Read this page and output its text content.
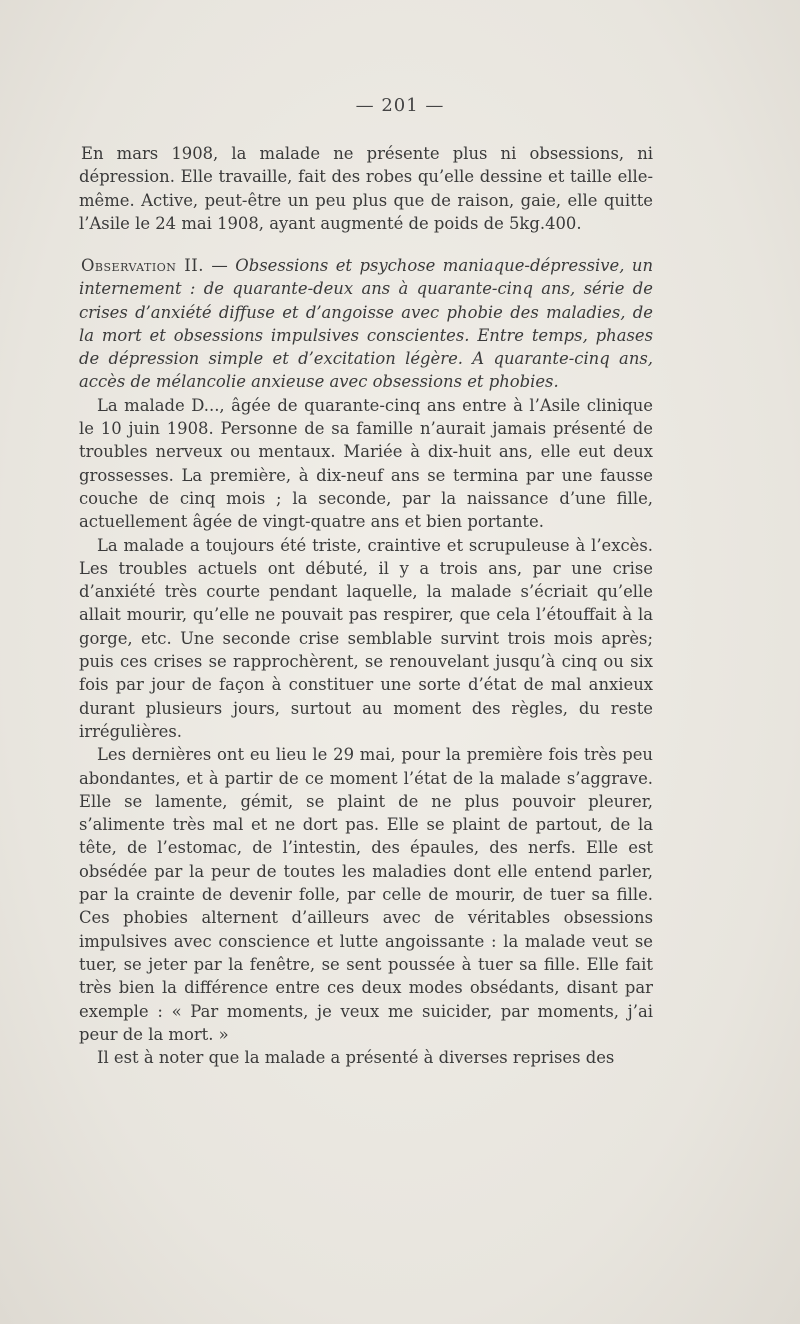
— 201 —

En mars 1908, la malade ne présente plus ni obsessions, ni dépression. Elle travaille, fait des robes qu’elle dessine et taille elle-même. Active, peut-être un peu plus que de raison, gaie, elle quitte l’Asile le 24 mai 1908, ayant augmenté de poids de 5kg.400.

Observation II. — Obsessions et psychose maniaque-dépressive, un internement : de quarante-deux ans à quarante-cinq ans, série de crises d’anxiété diffuse et d’angoisse avec phobie des maladies, de la mort et obsessions impulsives conscientes. Entre temps, phases de dépression simple et d’excitation légère. A quarante-cinq ans, accès de mélancolie anxieuse avec obsessions et phobies.

La malade D..., âgée de quarante-cinq ans entre à l’Asile clinique le 10 juin 1908. Personne de sa famille n’aurait jamais présenté de troubles nerveux ou mentaux. Mariée à dix-huit ans, elle eut deux grossesses. La première, à dix-neuf ans se termina par une fausse couche de cinq mois ; la seconde, par la naissance d’une fille, actuellement âgée de vingt-quatre ans et bien portante.

La malade a toujours été triste, craintive et scrupuleuse à l’excès. Les troubles actuels ont débuté, il y a trois ans, par une crise d’anxiété très courte pendant laquelle, la malade s’écriait qu’elle allait mourir, qu’elle ne pouvait pas respirer, que cela l’étouffait à la gorge, etc. Une seconde crise semblable survint trois mois après; puis ces crises se rapprochèrent, se renouvelant jusqu’à cinq ou six fois par jour de façon à constituer une sorte d’état de mal anxieux durant plusieurs jours, surtout au moment des règles, du reste irrégulières.

Les dernières ont eu lieu le 29 mai, pour la première fois très peu abondantes, et à partir de ce moment l’état de la malade s’aggrave. Elle se lamente, gémit, se plaint de ne plus pouvoir pleurer, s’alimente très mal et ne dort pas. Elle se plaint de partout, de la tête, de l’estomac, de l’intestin, des épaules, des nerfs. Elle est obsédée par la peur de toutes les maladies dont elle entend parler, par la crainte de devenir folle, par celle de mourir, de tuer sa fille. Ces phobies alternent d’ailleurs avec de véritables obsessions impulsives avec conscience et lutte angoissante : la malade veut se tuer, se jeter par la fenêtre, se sent poussée à tuer sa fille. Elle fait très bien la différence entre ces deux modes obsédants, disant par exemple : « Par moments, je veux me suicider, par moments, j’ai peur de la mort. »

Il est à noter que la malade a présenté à diverses reprises des
